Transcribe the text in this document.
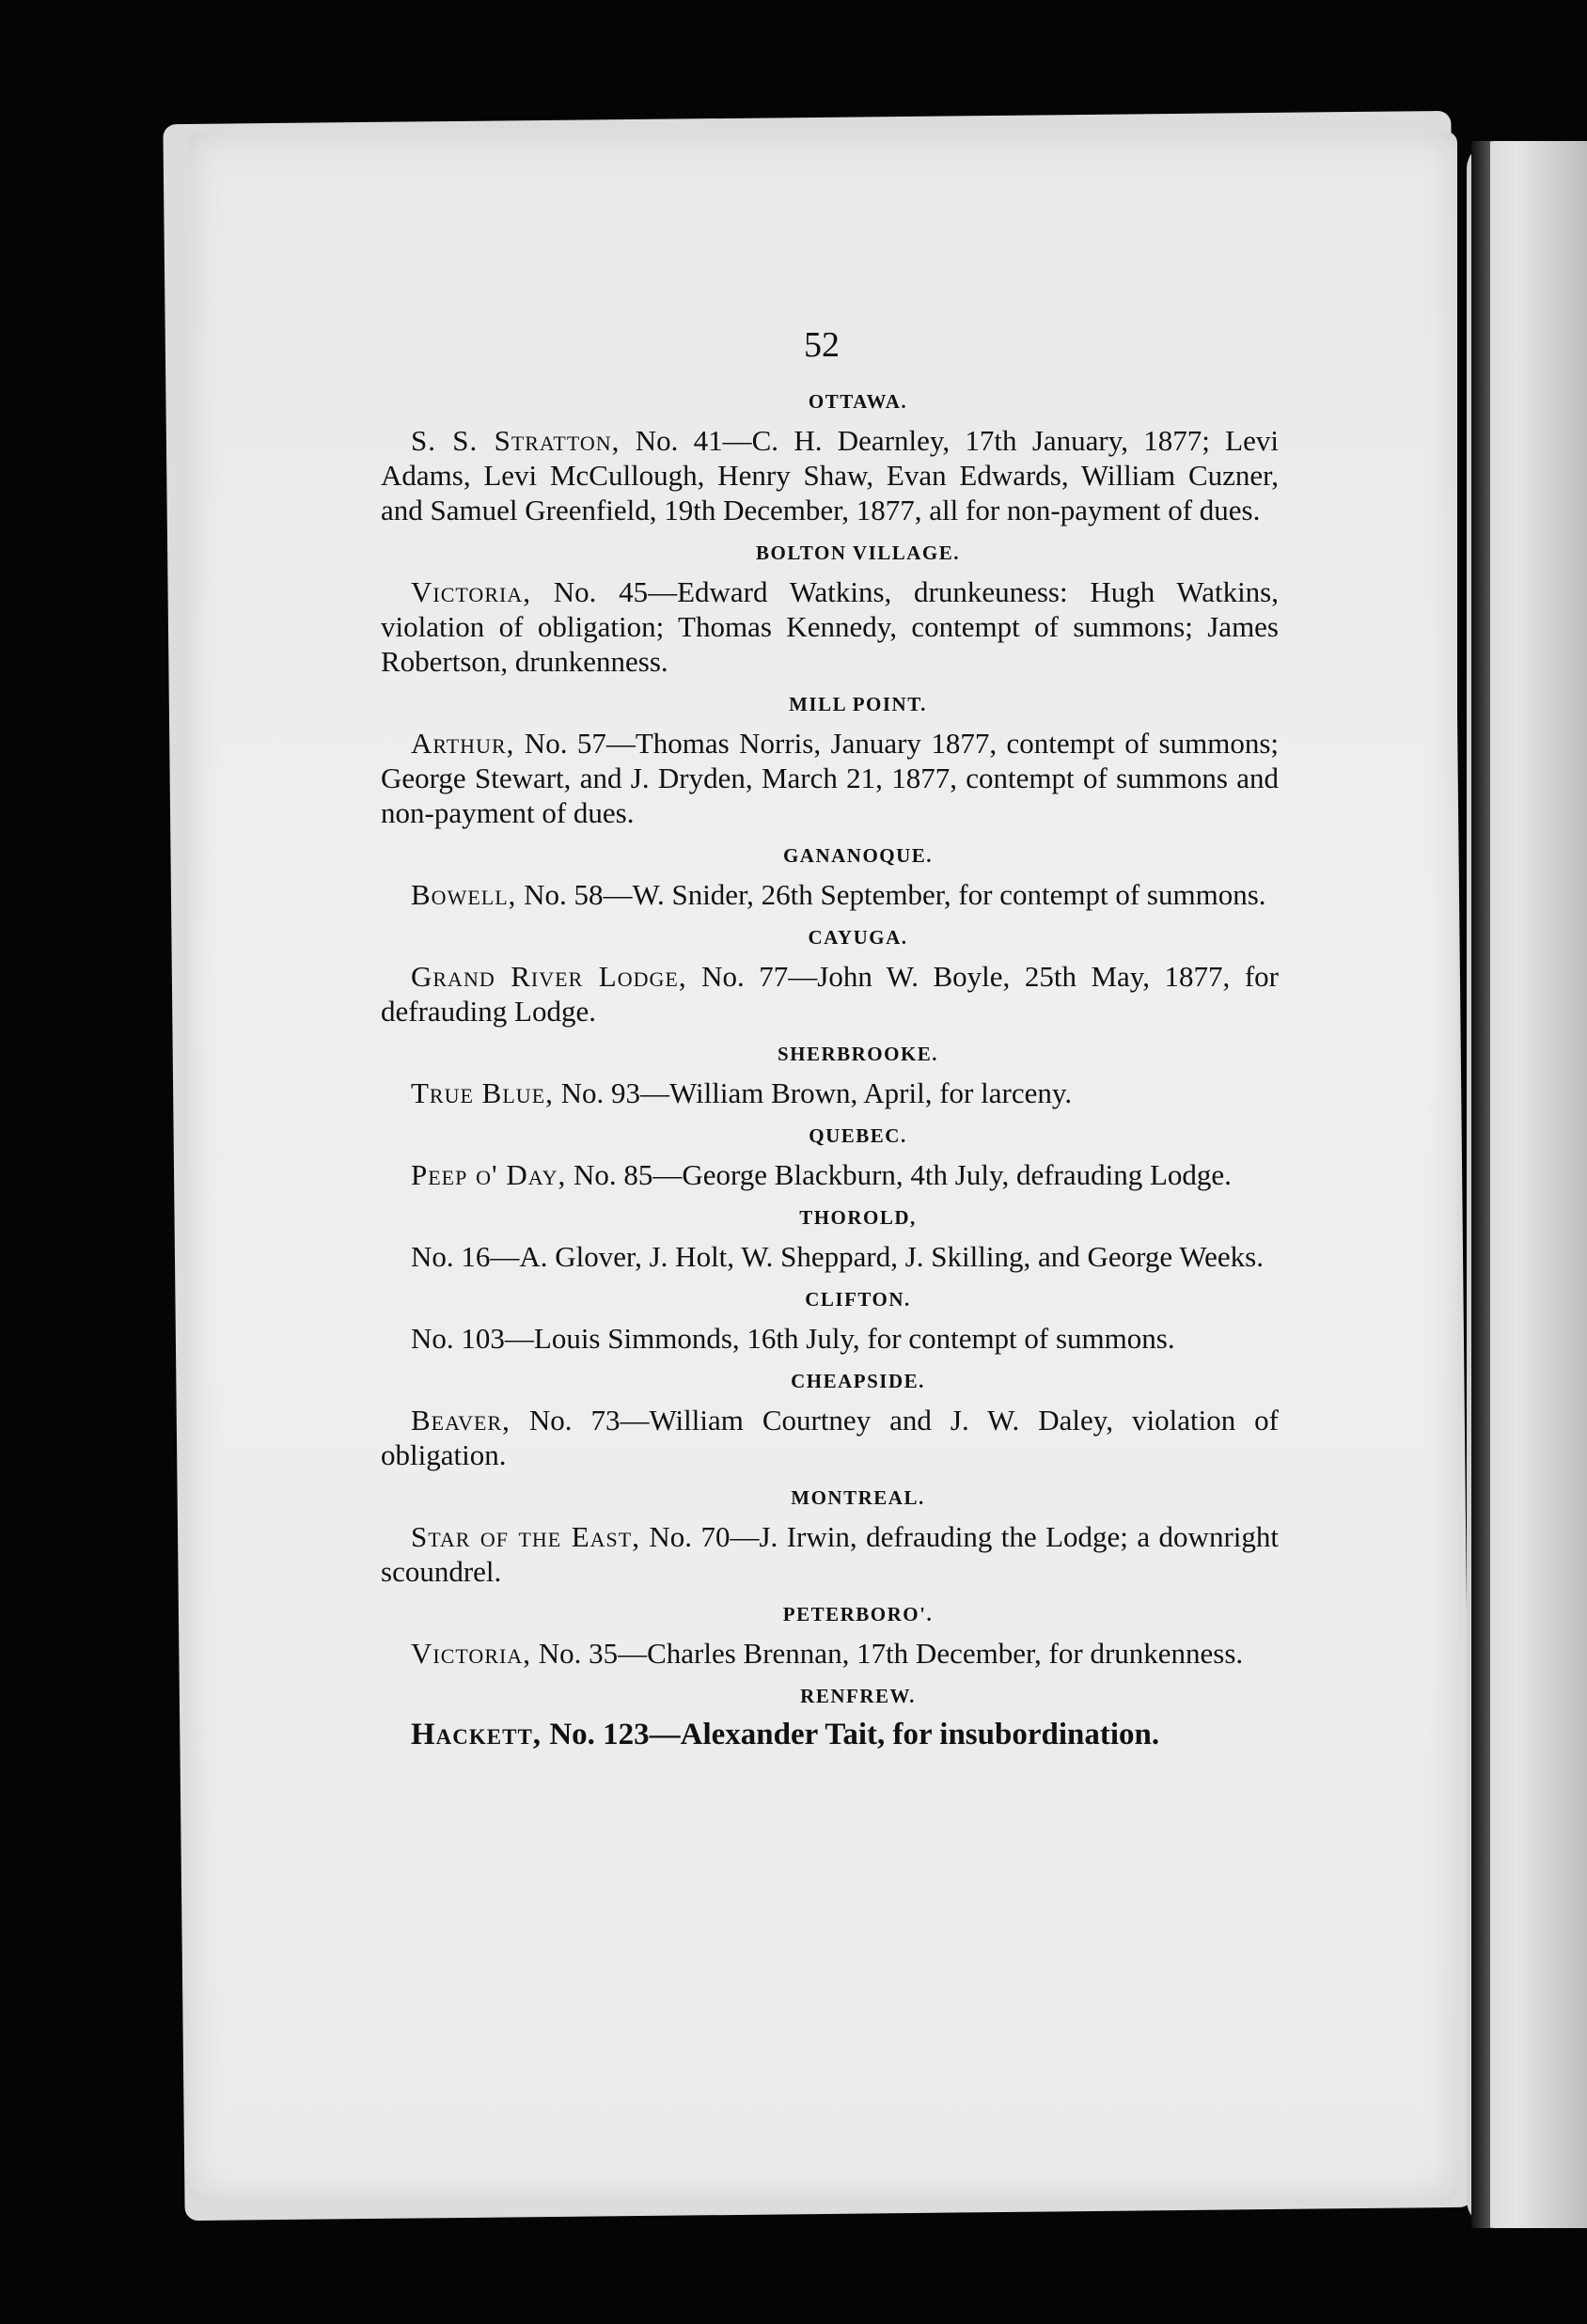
52

OTTAWA.

S. S. Stratton, No. 41—C. H. Dearnley, 17th January, 1877; Levi Adams, Levi McCullough, Henry Shaw, Evan Edwards, William Cuzner, and Samuel Greenfield, 19th December, 1877, all for non-payment of dues.

BOLTON VILLAGE.

Victoria, No. 45—Edward Watkins, drunkeuness: Hugh Watkins, violation of obligation; Thomas Kennedy, contempt of summons; James Robertson, drunkenness.

MILL POINT.

Arthur, No. 57—Thomas Norris, January 1877, contempt of summons; George Stewart, and J. Dryden, March 21, 1877, contempt of summons and non-payment of dues.

GANANOQUE.

Bowell, No. 58—W. Snider, 26th September, for contempt of summons.

CAYUGA.

Grand River Lodge, No. 77—John W. Boyle, 25th May, 1877, for defrauding Lodge.

SHERBROOKE.

True Blue, No. 93—William Brown, April, for larceny.

QUEBEC.

Peep o' Day, No. 85—George Blackburn, 4th July, defrauding Lodge.

THOROLD,

No. 16—A. Glover, J. Holt, W. Sheppard, J. Skilling, and George Weeks.

CLIFTON.

No. 103—Louis Simmonds, 16th July, for contempt of summons.

CHEAPSIDE.

Beaver, No. 73—William Courtney and J. W. Daley, violation of obligation.

MONTREAL.

Star of the East, No. 70—J. Irwin, defrauding the Lodge; a downright scoundrel.

PETERBORO'.

Victoria, No. 35—Charles Brennan, 17th December, for drunkenness.

RENFREW.

Hackett, No. 123—Alexander Tait, for insubordination.
